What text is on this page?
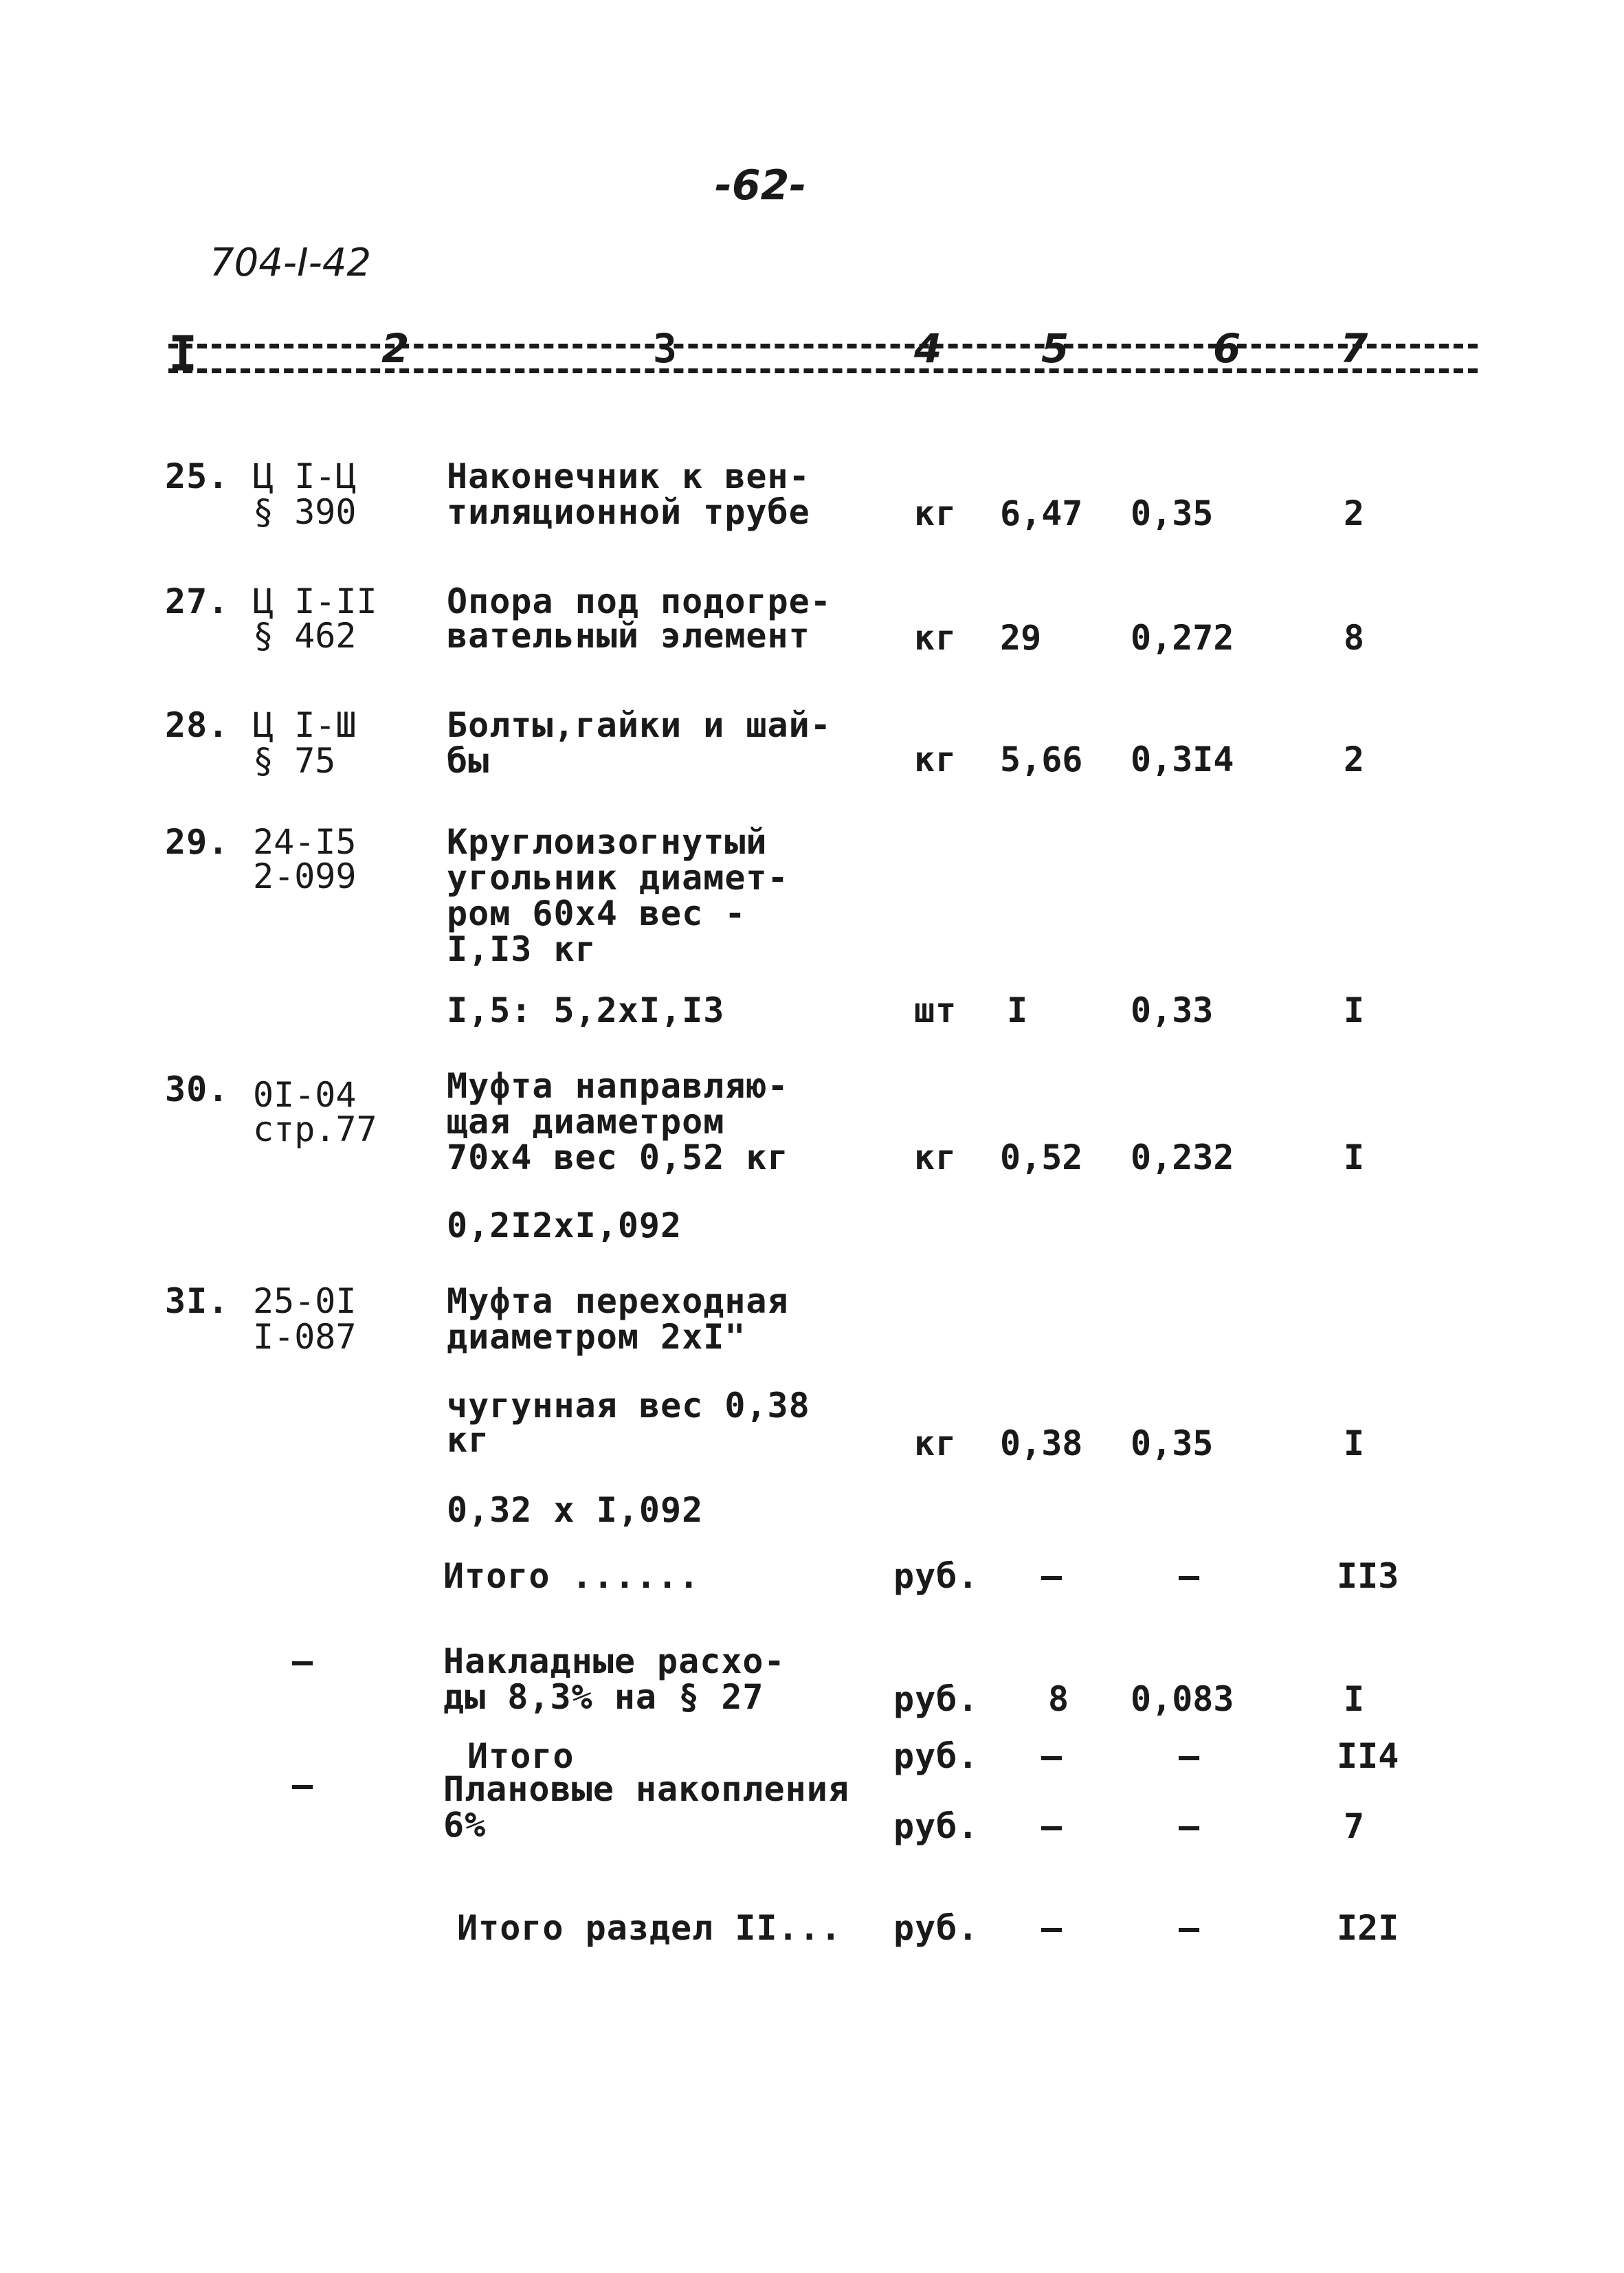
-62-
704-I-42
I	2	3	4 5	6 7
25. Ц I-Ц
§ 390
Наконечник к вен-
тиляционной трубе	кг 6,47 0,35	2
27. Ц I-II
§ 462
Опора под подогре-
вательный элемент	кг 29	0,272	8
28. Ц I-Ш
§ 75
Болты,гайки и шай-
бы	кг 5,66 0,3I4	2
29. 24-I5
2-099
Круглоизогнутый
угольник диамет-
ром 60х4 вес -
I,I3 кг
I,5: 5,2хI,I3	шт I	0,33	I
30. 0I-04
стр.77
Муфта направляю-
щая диаметром
70х4 вес 0,52 кг	кг 0,52 0,232	I
0,2I2хI,092
3I. 25-0I
I-087
Муфта переходная
диаметром 2хI"
чугунная вес 0,38
кг	кг 0,38 0,35	I
0,32 х I,092
Итого ......	руб. –	–	II3
–	Накладные расхо-
ды 8,3% на § 27	руб. 8 0,083	I
Итого	руб. –	–	II4
–	Плановые накопления
6%	руб. –	–	7
Итого раздел II... руб. –	–	I2I
